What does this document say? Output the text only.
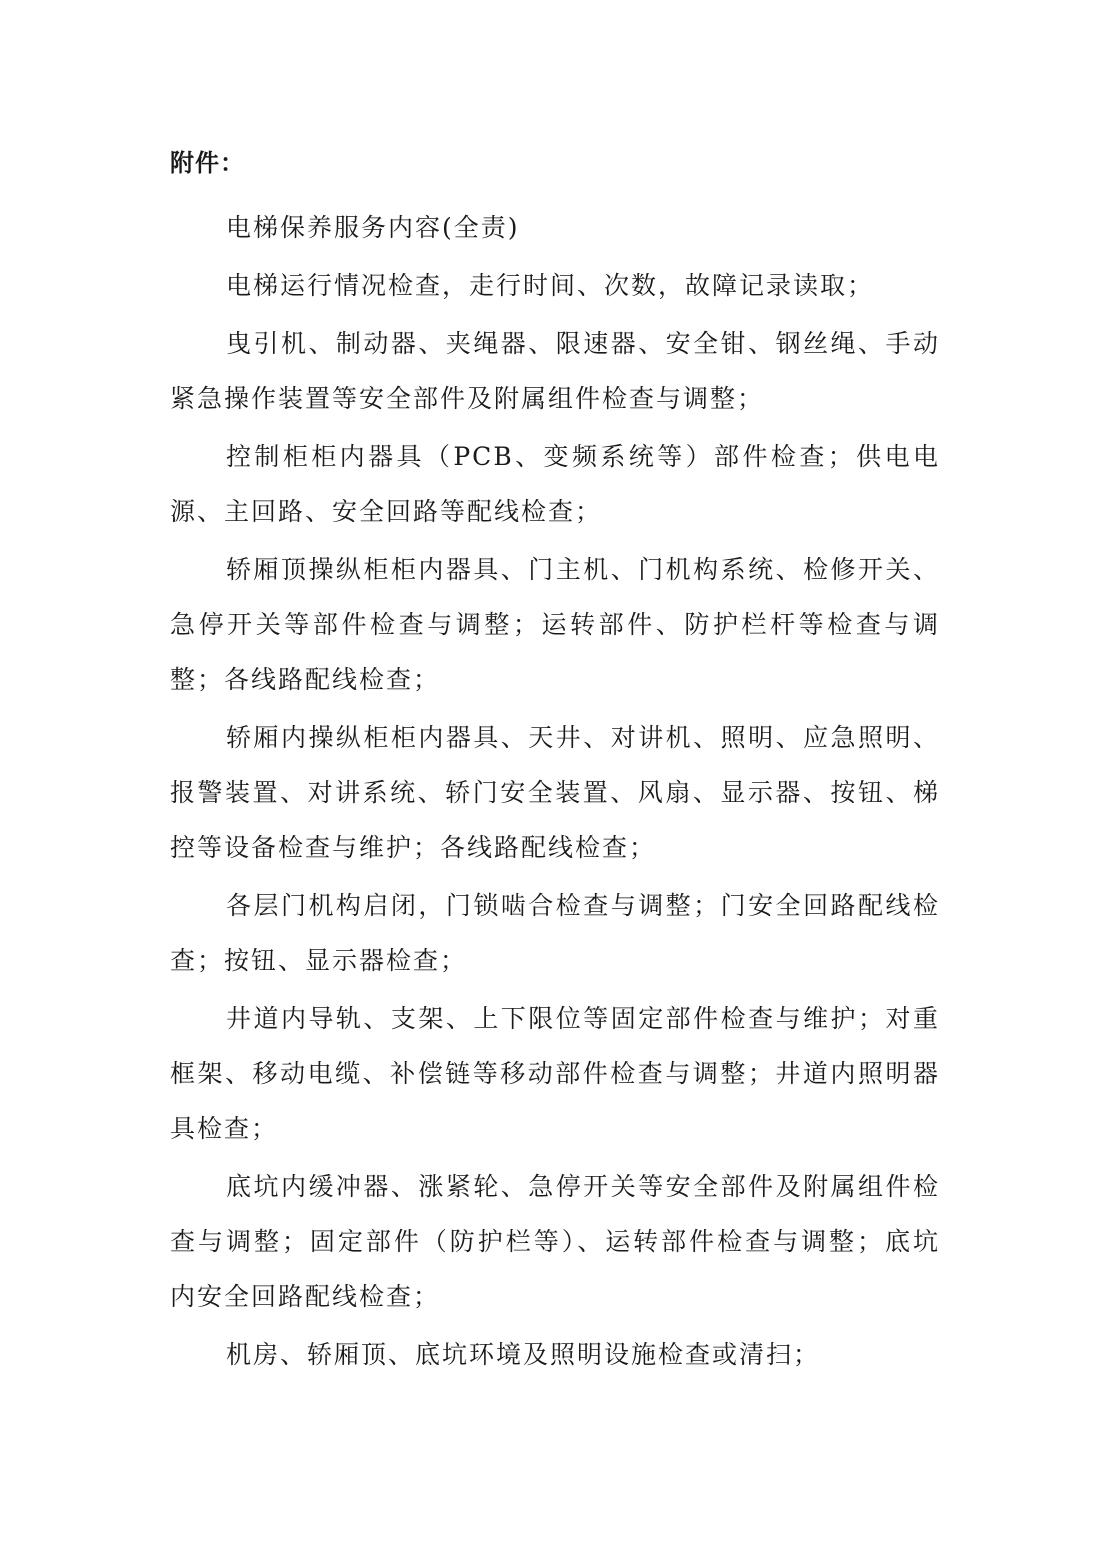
附件：

电梯保养服务内容(全责)

电梯运行情况检查，走行时间、次数，故障记录读取；

曳引机、制动器、夹绳器、限速器、安全钳、钢丝绳、手动紧急操作装置等安全部件及附属组件检查与调整；

控制柜柜内器具（PCB、变频系统等）部件检查；供电电源、主回路、安全回路等配线检查；

轿厢顶操纵柜柜内器具、门主机、门机构系统、检修开关、急停开关等部件检查与调整；运转部件、防护栏杆等检查与调整；各线路配线检查；

轿厢内操纵柜柜内器具、天井、对讲机、照明、应急照明、报警装置、对讲系统、轿门安全装置、风扇、显示器、按钮、梯控等设备检查与维护；各线路配线检查；

各层门机构启闭，门锁啮合检查与调整；门安全回路配线检查；按钮、显示器检查；

井道内导轨、支架、上下限位等固定部件检查与维护；对重框架、移动电缆、补偿链等移动部件检查与调整；井道内照明器具检查；

底坑内缓冲器、涨紧轮、急停开关等安全部件及附属组件检查与调整；固定部件（防护栏等）、运转部件检查与调整；底坑内安全回路配线检查；

机房、轿厢顶、底坑环境及照明设施检查或清扫；
